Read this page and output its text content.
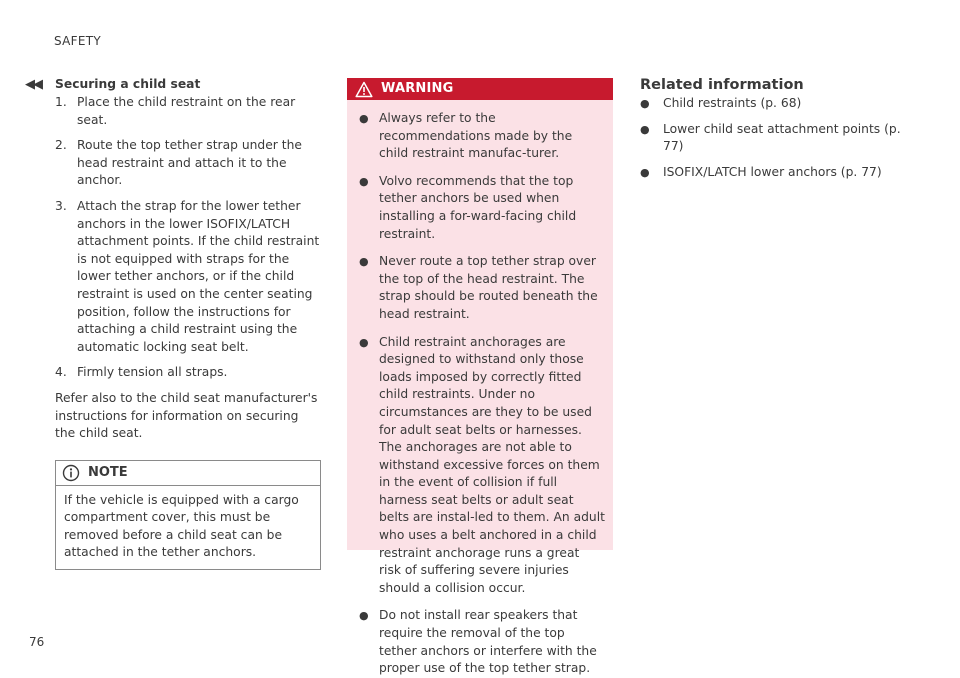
SAFETY
◀◀ Securing a child seat
1. Place the child restraint on the rear seat.
2. Route the top tether strap under the head restraint and attach it to the anchor.
3. Attach the strap for the lower tether anchors in the lower ISOFIX/LATCH attachment points. If the child restraint is not equipped with straps for the lower tether anchors, or if the child restraint is used on the center seating position, follow the instructions for attaching a child restraint using the automatic locking seat belt.
4. Firmly tension all straps.

Refer also to the child seat manufacturer's instructions for information on securing the child seat.

NOTE
If the vehicle is equipped with a cargo compartment cover, this must be removed before a child seat can be attached in the tether anchors.
WARNING
● Always refer to the recommendations made by the child restraint manufac-turer.
● Volvo recommends that the top tether anchors be used when installing a for-ward-facing child restraint.
● Never route a top tether strap over the top of the head restraint. The strap should be routed beneath the head restraint.
● Child restraint anchorages are designed to withstand only those loads imposed by correctly fitted child restraints. Under no circumstances are they to be used for adult seat belts or harnesses. The anchorages are not able to withstand excessive forces on them in the event of collision if full harness seat belts or adult seat belts are instal-led to them. An adult who uses a belt anchored in a child restraint anchorage runs a great risk of suffering severe injuries should a collision occur.
● Do not install rear speakers that require the removal of the top tether anchors or interfere with the proper use of the top tether strap.
Related information
● Child restraints (p. 68)
● Lower child seat attachment points (p. 77)
● ISOFIX/LATCH lower anchors (p. 77)
76
